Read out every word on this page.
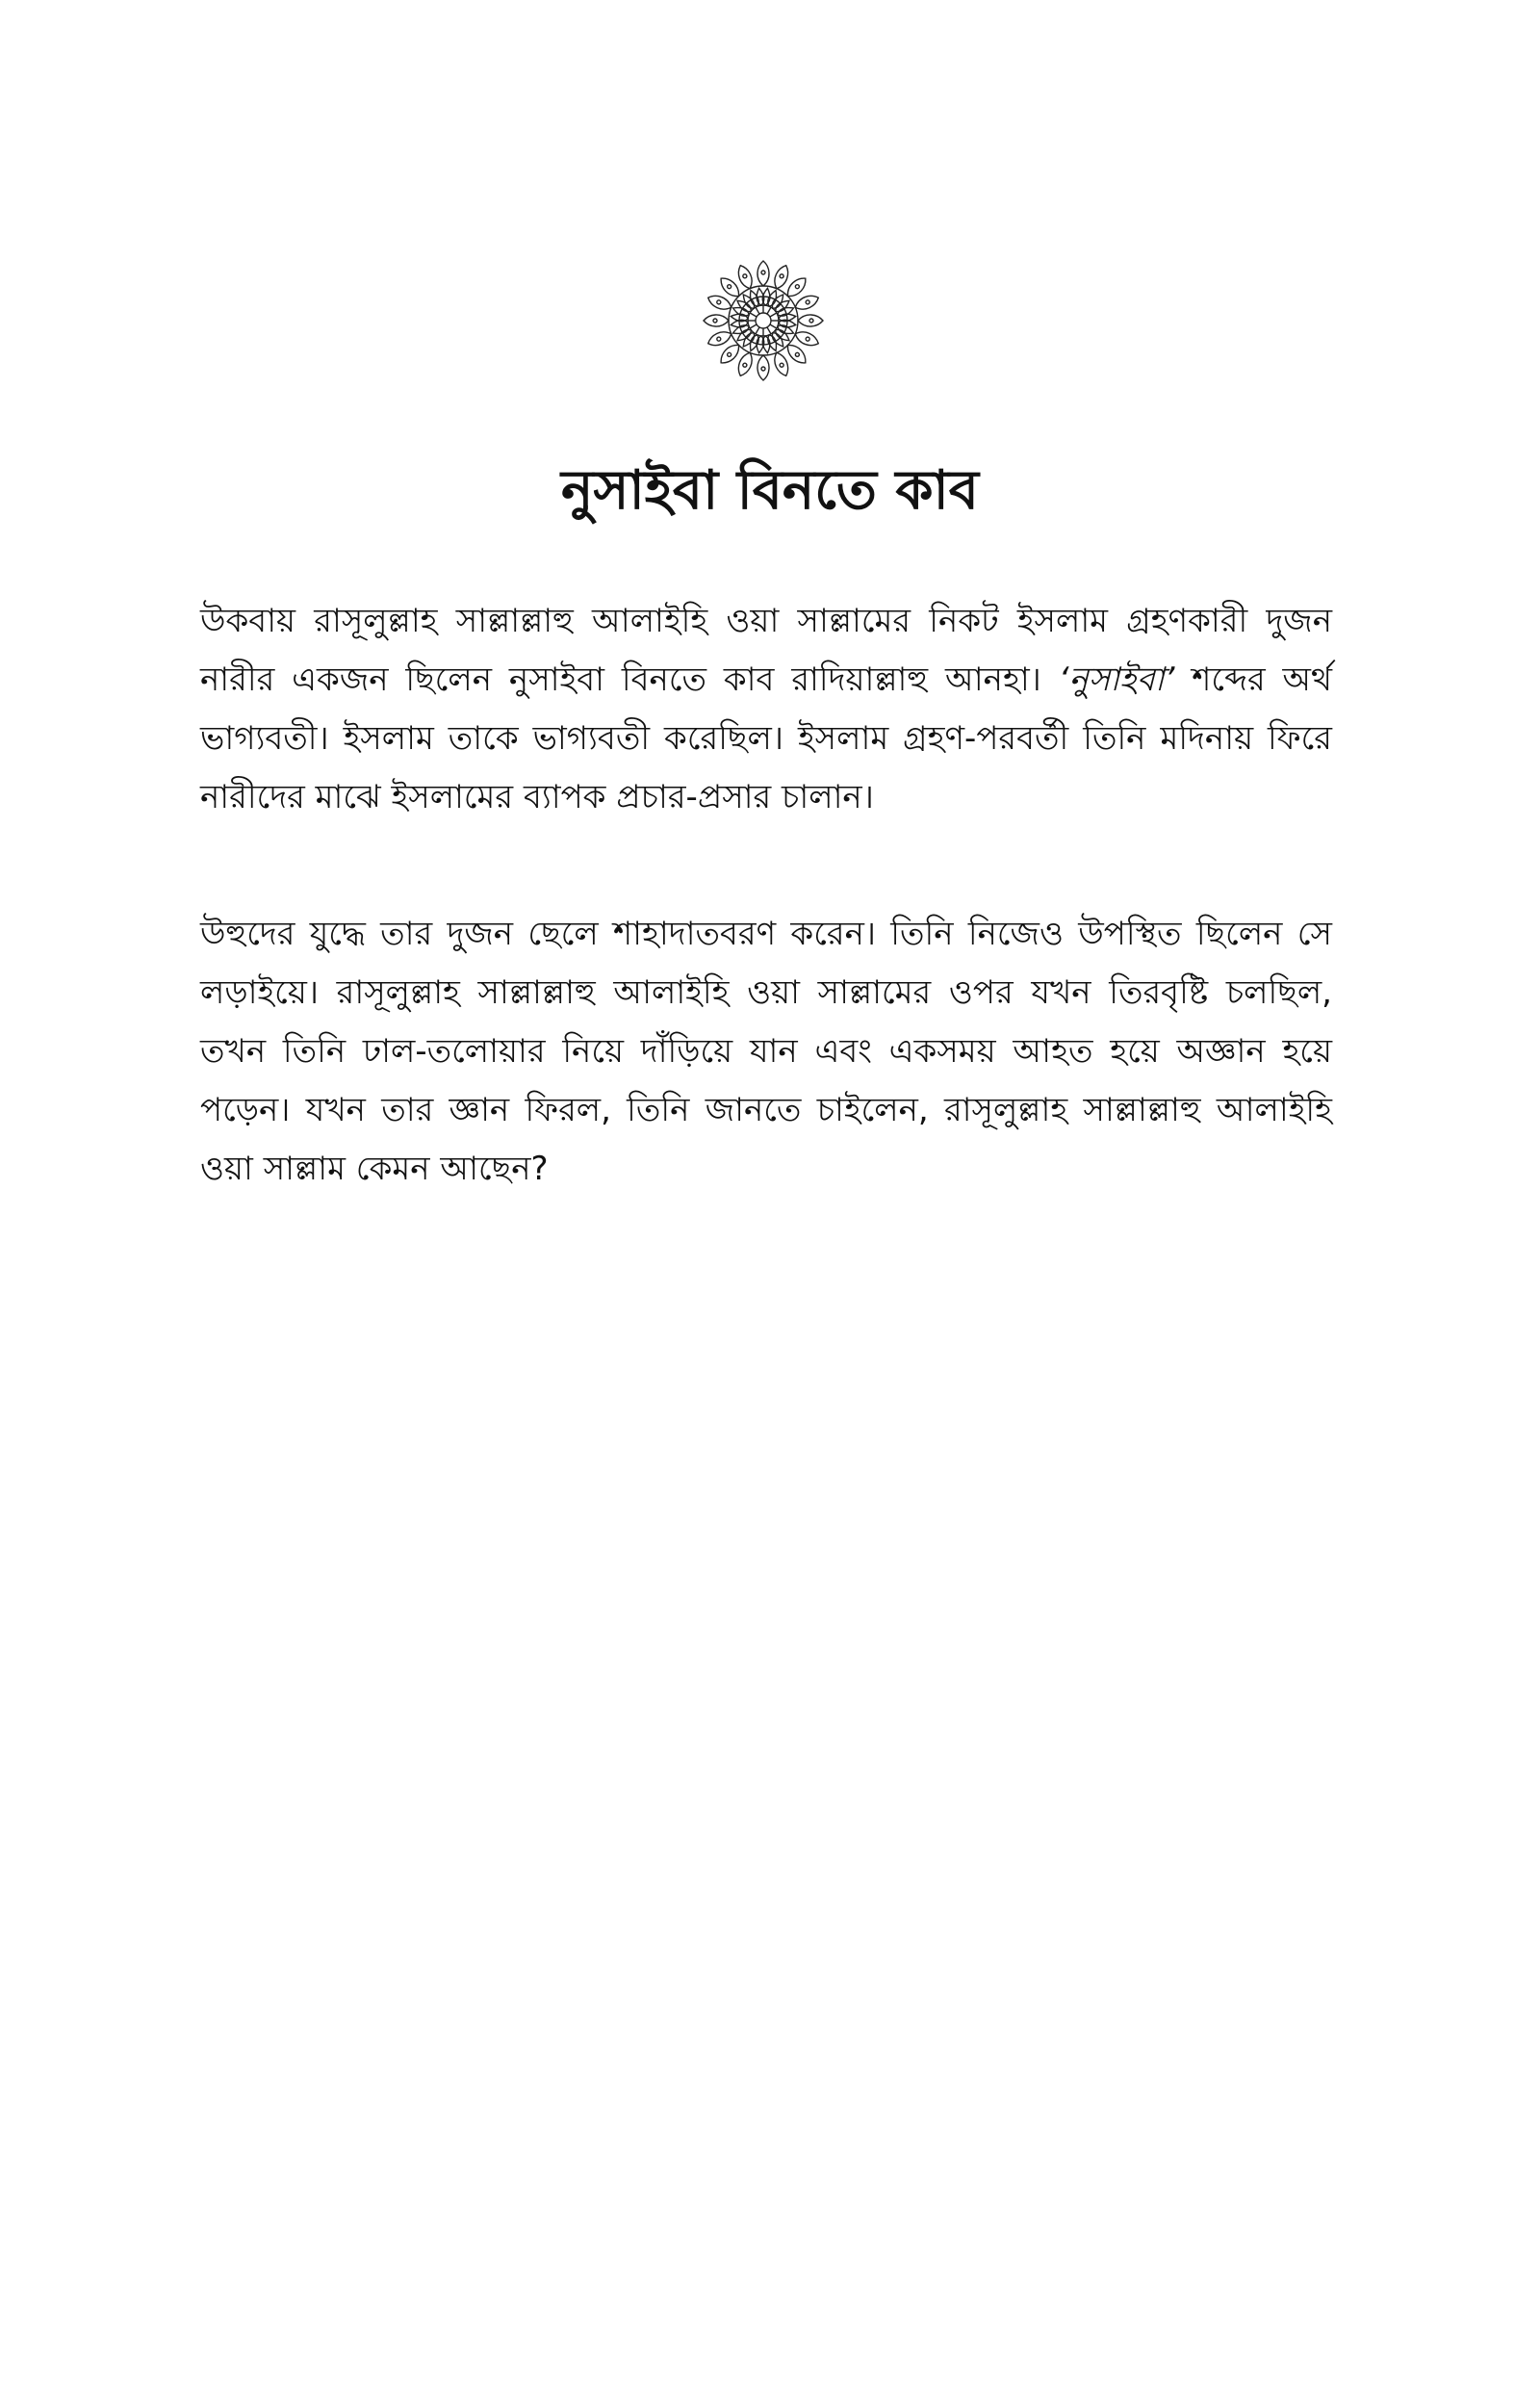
নুসাইবা বিনতে কাব

উকবায় রাসূলুল্লাহ সাল্লাল্লাহু আলাইহি ওয়া সাল্লামের নিকট ইসলাম গ্রহণকারী দুজন নারীর একজন ছিলেন নুসাইবা বিনতে কাব রাদিয়াল্লাহু আনহা। ‘নুসাইবা’ শব্দের অর্থ ভাগ্যবতী। ইসলাম তাকে ভাগ্যবতী করেছিল। ইসলাম গ্রহণ-পরবর্তী তিনি মদিনায় ফিরে নারীদের মাঝে ইসলামের ব্যাপক প্রচার-প্রসার চালান।

উহুদের যুদ্ধে তার দুজন ছেলে শাহাদাতবরণ করেন। তিনি নিজেও উপস্থিত ছিলেন সে লড়াইয়ে। রাসূলুল্লাহ সাল্লাল্লাহু আলাইহি ওয়া সাল্লামের ওপর যখন তিরবৃষ্টি চলছিল, তখন তিনি ঢাল-তলোয়ার নিয়ে দাঁড়িয়ে যান এবং একসময় আহত হয়ে অজ্ঞান হয়ে পড়েন। যখন তার জ্ঞান ফিরল, তিনি জানতে চাইলেন, রাসূলুল্লাহ সাল্লাল্লাহু আলাইহি ওয়া সাল্লাম কেমন আছেন?
